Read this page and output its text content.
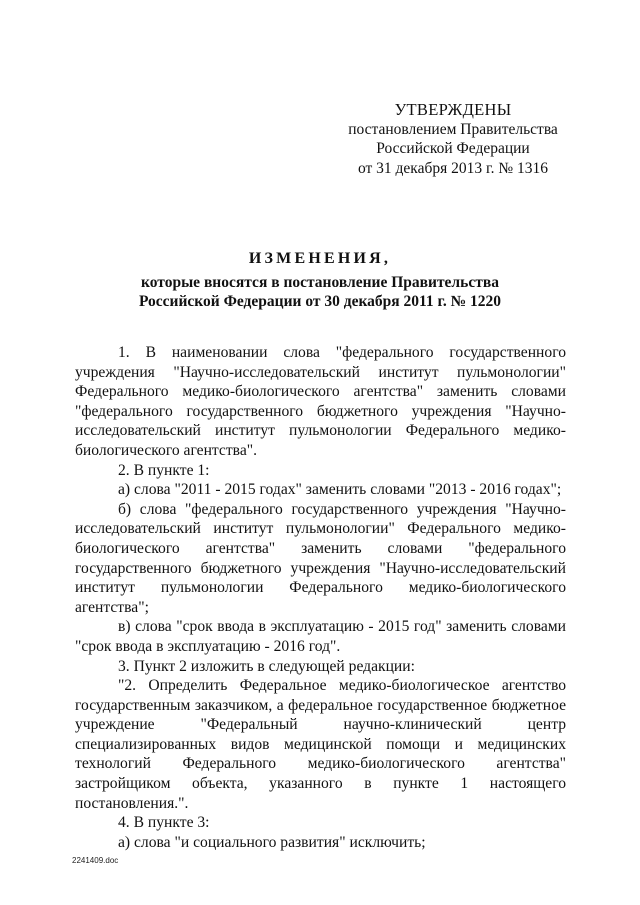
УТВЕРЖДЕНЫ
постановлением Правительства
Российской Федерации
от 31 декабря 2013 г. № 1316
ИЗМЕНЕНИЯ,
которые вносятся в постановление Правительства
Российской Федерации от 30 декабря 2011 г. № 1220

1. В наименовании слова "федерального государственного учреждения "Научно-исследовательский институт пульмонологии" Федерального медико-биологического агентства" заменить словами "федерального государственного бюджетного учреждения "Научно-исследовательский институт пульмонологии Федерального медико-биологического агентства".

2. В пункте 1:

а) слова "2011 - 2015 годах" заменить словами "2013 - 2016 годах";

б) слова "федерального государственного учреждения "Научно-исследовательский институт пульмонологии" Федерального медико-биологического агентства" заменить словами "федерального государственного бюджетного учреждения "Научно-исследовательский институт пульмонологии Федерального медико-биологического агентства";

в) слова "срок ввода в эксплуатацию - 2015 год" заменить словами "срок ввода в эксплуатацию - 2016 год".

3. Пункт 2 изложить в следующей редакции:

"2. Определить Федеральное медико-биологическое агентство государственным заказчиком, а федеральное государственное бюджетное учреждение "Федеральный научно-клинический центр специализированных видов медицинской помощи и медицинских технологий Федерального медико-биологического агентства" застройщиком объекта, указанного в пункте 1 настоящего постановления.".

4. В пункте 3:

а) слова "и социального развития" исключить;

2241409.doc
